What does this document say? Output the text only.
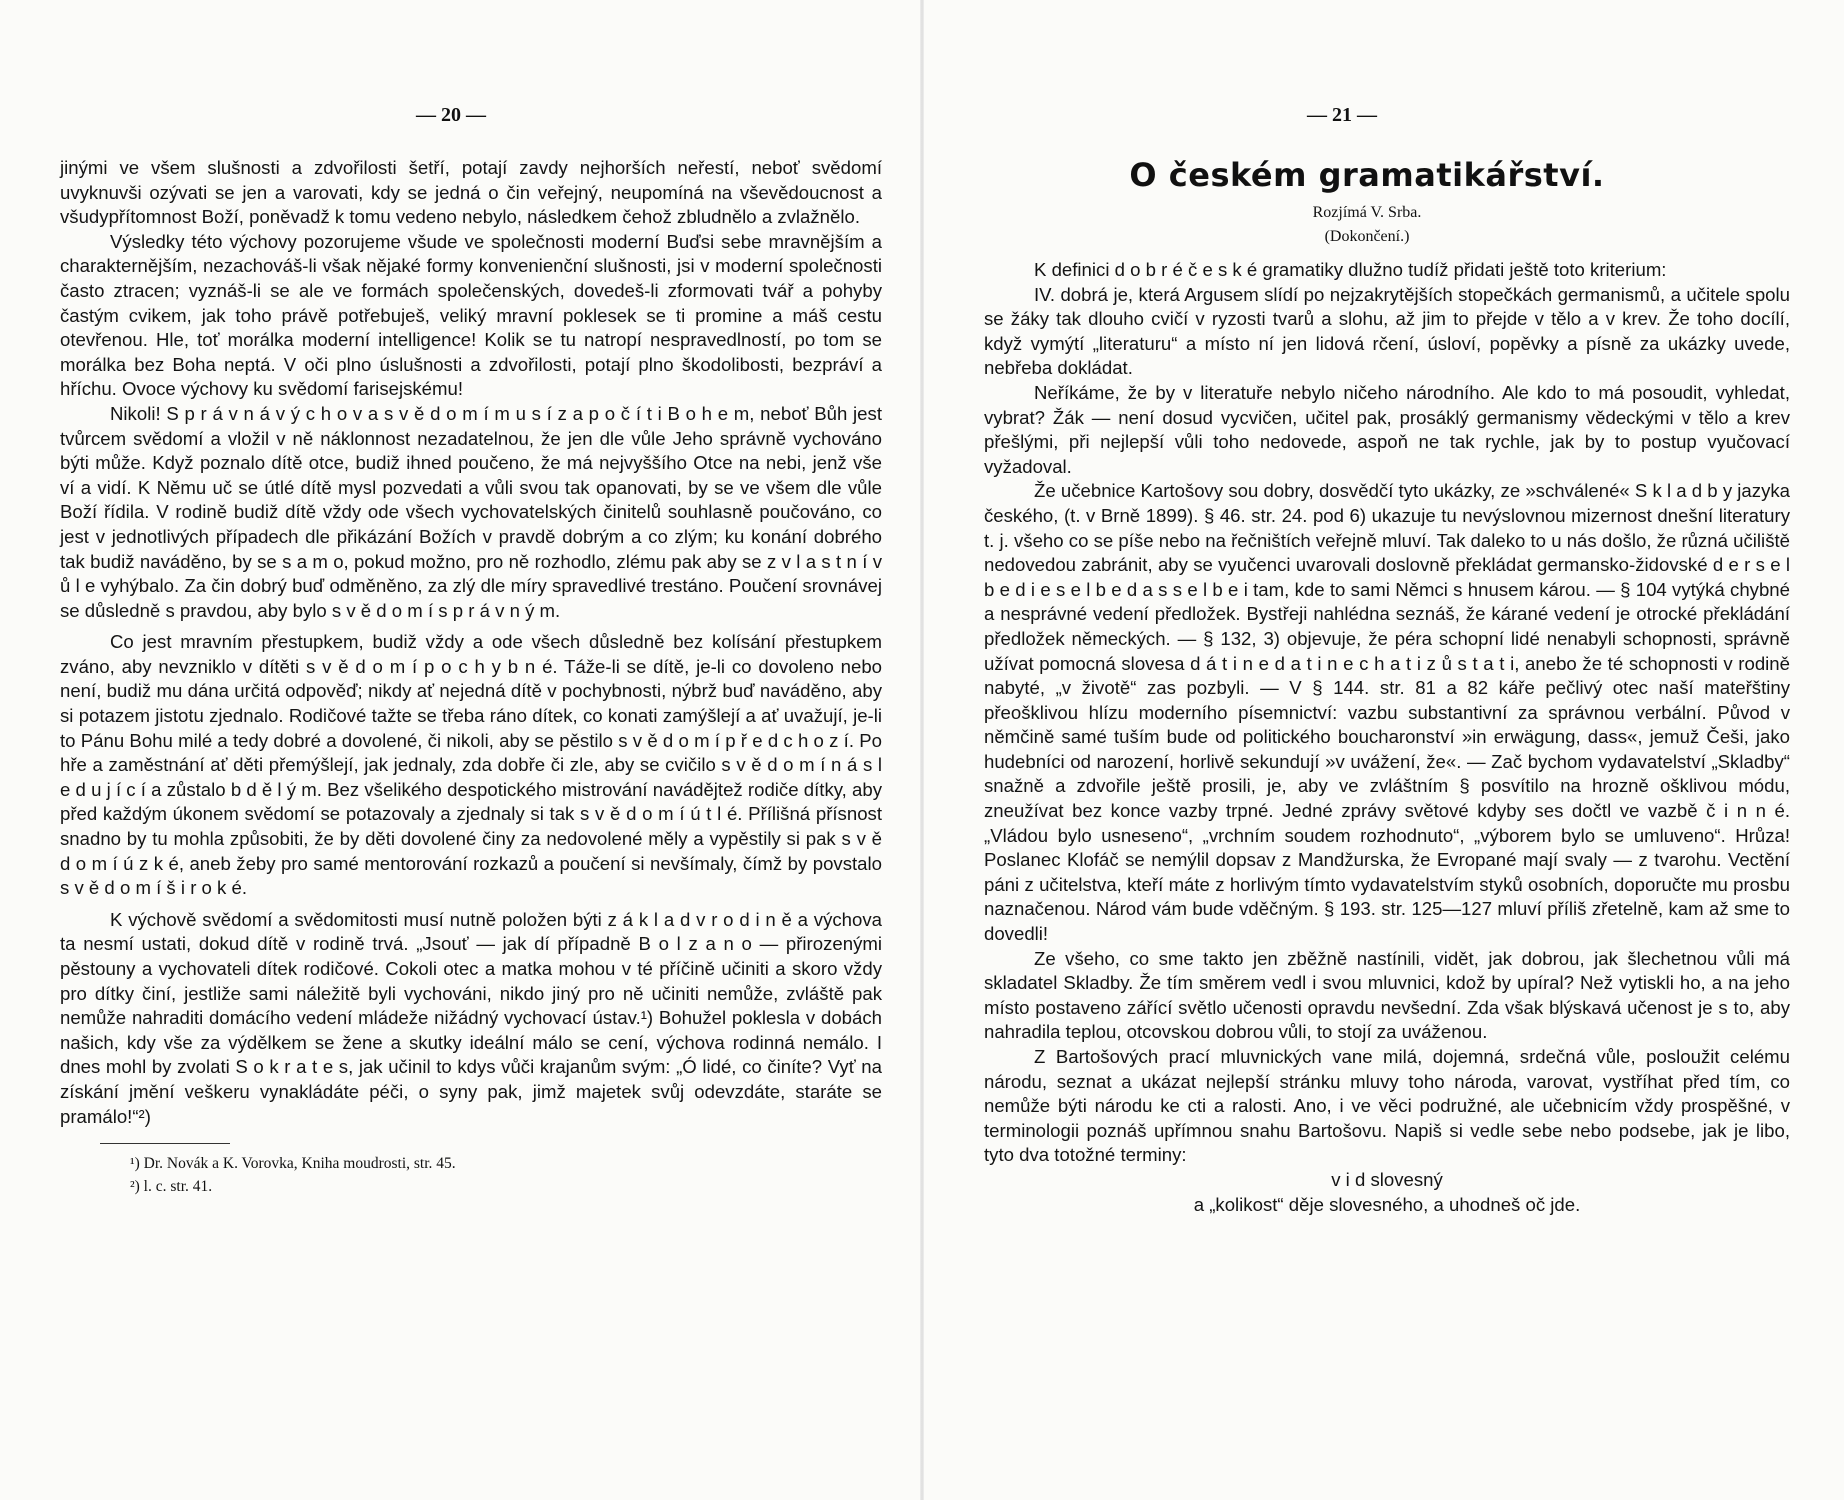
— 20 —

jinými ve všem slušnosti a zdvořilosti šetří, potají zavdy nejhorších neřestí, neboť svědomí uvyknuvši ozývati se jen a varovati, kdy se jedná o čin veřejný, neupomíná na vševědoucnost a všudypřítomnost Boží, poněvadž k tomu vedeno nebylo, následkem čehož zbludnělo a zvlažnělo.

Výsledky této výchovy pozorujeme všude ve společnosti moderní Buďsi sebe mravnějším a charakternějším, nezachováš-li však nějaké formy konvenienční slušnosti, jsi v moderní společnosti často ztracen; vyznáš-li se ale ve formách společenských, dovedeš-li zformovati tvář a pohyby častým cvikem, jak toho právě potřebuješ, veliký mravní poklesek se ti promine a máš cestu otevřenou. Hle, toť morálka moderní intelligence! Kolik se tu natropí nespravedlností, po tom se morálka bez Boha neptá. V oči plno úslušnosti a zdvořilosti, potají plno škodolibosti, bezpráví a hříchu. Ovoce výchovy ku svědomí farisejskému!

Nikoli! S p r á v n á v ý c h o v a s v ě d o m í m u s í z a p o č í t i B o h e m, neboť Bůh jest tvůrcem svědomí a vložil v ně náklonnost nezadatelnou, že jen dle vůle Jeho správně vychováno býti může. Když poznalo dítě otce, budiž ihned poučeno, že má nejvyššího Otce na nebi, jenž vše ví a vidí. K Němu uč se útlé dítě mysl pozvedati a vůli svou tak opanovati, by se ve všem dle vůle Boží řídila. V rodině budiž dítě vždy ode všech vychovatelských činitelů souhlasně poučováno, co jest v jednotlivých případech dle přikázání Božích v pravdě dobrým a co zlým; ku konání dobrého tak budiž naváděno, by se s a m o, pokud možno, pro ně rozhodlo, zlému pak aby se z v l a s t n í v ů l e vyhýbalo. Za čin dobrý buď odměněno, za zlý dle míry spravedlivé trestáno. Poučení srovnávej se důsledně s pravdou, aby bylo s v ě d o m í s p r á v n ý m.

Co jest mravním přestupkem, budiž vždy a ode všech důsledně bez kolísání přestupkem zváno, aby nevzniklo v dítěti s v ě d o m í p o c h y b n é. Táže-li se dítě, je-li co dovoleno nebo není, budiž mu dána určitá odpověď; nikdy ať nejedná dítě v pochybnosti, nýbrž buď naváděno, aby si potazem jistotu zjednalo. Rodičové tažte se třeba ráno dítek, co konati zamýšlejí a ať uvažují, je-li to Pánu Bohu milé a tedy dobré a dovolené, či nikoli, aby se pěstilo s v ě d o m í p ř e d c h o z í. Po hře a zaměstnání ať děti přemýšlejí, jak jednaly, zda dobře či zle, aby se cvičilo s v ě d o m í n á s l e d u j í c í a zůstalo b d ě l ý m. Bez všelikého despotického mistrování navádějtež rodiče dítky, aby před každým úkonem svědomí se potazovaly a zjednaly si tak s v ě d o m í ú t l é. Přílišná přísnost snadno by tu mohla způsobiti, že by děti dovolené činy za nedovolené měly a vypěstily si pak s v ě d o m í ú z k é, aneb žeby pro samé mentorování rozkazů a poučení si nevšímaly, čímž by povstalo s v ě d o m í š i r o k é.

K výchově svědomí a svědomitosti musí nutně položen býti z á k l a d v r o d i n ě a výchova ta nesmí ustati, dokud dítě v rodině trvá. „Jsouť — jak dí případně B o l z a n o — přirozenými pěstouny a vychovateli dítek rodičové. Cokoli otec a matka mohou v té příčině učiniti a skoro vždy pro dítky činí, jestliže sami náležitě byli vychováni, nikdo jiný pro ně učiniti nemůže, zvláště pak nemůže nahraditi domácího vedení mládeže nižádný vychovací ústav.¹) Bohužel poklesla v dobách našich, kdy vše za výdělkem se žene a skutky ideální málo se cení, výchova rodinná nemálo. I dnes mohl by zvolati S o k r a t e s, jak učinil to kdys vůči krajanům svým: „Ó lidé, co činíte? Vyť na získání jmění veškeru vynakládáte péči, o syny pak, jimž majetek svůj odevzdáte, staráte se pramálo!“²)

¹) Dr. Novák a K. Vorovka, Kniha moudrosti, str. 45.
²) l. c. str. 41.
— 21 —
O českém gramatikářství.
Rozjímá V. Srba.
(Dokončení.)

K definici d o b r é č e s k é gramatiky dlužno tudíž přidati ještě toto kriterium:

IV. dobrá je, která Argusem slídí po nejzakrytějších stopečkách germanismů, a učitele spolu se žáky tak dlouho cvičí v ryzosti tvarů a slohu, až jim to přejde v tělo a v krev. Že toho docílí, když vymýtí „literaturu“ a místo ní jen lidová rčení, úsloví, popěvky a písně za ukázky uvede, nebřeba dokládat.

Neříkáme, že by v literatuře nebylo ničeho národního. Ale kdo to má posoudit, vyhledat, vybrat? Žák — není dosud vycvičen, učitel pak, prosáklý germanismy vědeckými v tělo a krev přešlými, při nejlepší vůli toho nedovede, aspoň ne tak rychle, jak by to postup vyučovací vyžadoval.

Že učebnice Kartošovy sou dobry, dosvědčí tyto ukázky, ze »schválené« S k l a d b y jazyka českého, (t. v Brně 1899). § 46. str. 24. pod 6) ukazuje tu nevýslovnou mizernost dnešní literatury t. j. všeho co se píše nebo na řečništích veřejně mluví. Tak daleko to u nás došlo, že různá učiliště nedovedou zabránit, aby se vyučenci uvarovali doslovně překládat germansko-židovské d e r s e l b e d i e s e l b e d a s s e l b e i tam, kde to sami Němci s hnusem károu. — § 104 vytýká chybné a nesprávné vedení předložek. Bystřeji nahlédna seznáš, že kárané vedení je otrocké překládání předložek německých. — § 132, 3) objevuje, že péra schopní lidé nenabyli schopnosti, správně užívat pomocná slovesa d á t i n e d a t i n e c h a t i z ů s t a t i, anebo že té schopnosti v rodině nabyté, „v životě“ zas pozbyli. — V § 144. str. 81 a 82 káře pečlivý otec naší mateřštiny přeošklivou hlízu moderního písemnictví: vazbu substantivní za správnou verbální. Původ v němčině samé tuším bude od politického boucharonství »in erwägung, dass«, jemuž Češi, jako hudebníci od narození, horlivě sekundují »v uvážení, že«. — Zač bychom vydavatelství „Skladby“ snažně a zdvořile ještě prosili, je, aby ve zvláštním § posvítilo na hrozně ošklivou módu, zneužívat bez konce vazby trpné. Jedné zprávy světové kdyby ses dočtl ve vazbě č i n n é. „Vládou bylo usneseno“, „vrchním soudem rozhodnuto“, „výborem bylo se umluveno“. Hrůza! Poslanec Klofáč se nemýlil dopsav z Mandžurska, že Evropané mají svaly — z tvarohu. Vectění páni z učitelstva, kteří máte z horlivým tímto vydavatelstvím styků osobních, doporučte mu prosbu naznačenou. Národ vám bude vděčným. § 193. str. 125—127 mluví příliš zřetelně, kam až sme to dovedli!

Ze všeho, co sme takto jen zběžně nastínili, vidět, jak dobrou, jak šlechetnou vůli má skladatel Skladby. Že tím směrem vedl i svou mluvnici, kdož by upíral? Než vytiskli ho, a na jeho místo postaveno zářící světlo učenosti opravdu nevšední. Zda však blýskavá učenost je s to, aby nahradila teplou, otcovskou dobrou vůli, to stojí za uváženou.

Z Bartošových prací mluvnických vane milá, dojemná, srdečná vůle, posloužit celému národu, seznat a ukázat nejlepší stránku mluvy toho národa, varovat, vystříhat před tím, co nemůže býti národu ke cti a ralosti. Ano, i ve věci podružné, ale učebnicím vždy prospěšné, v terminologii poznáš upřímnou snahu Bartošovu. Napiš si vedle sebe nebo podsebe, jak je libo, tyto dva totožné terminy:

v i d slovesný

a „kolikost“ děje slovesného, a uhodneš oč jde.
